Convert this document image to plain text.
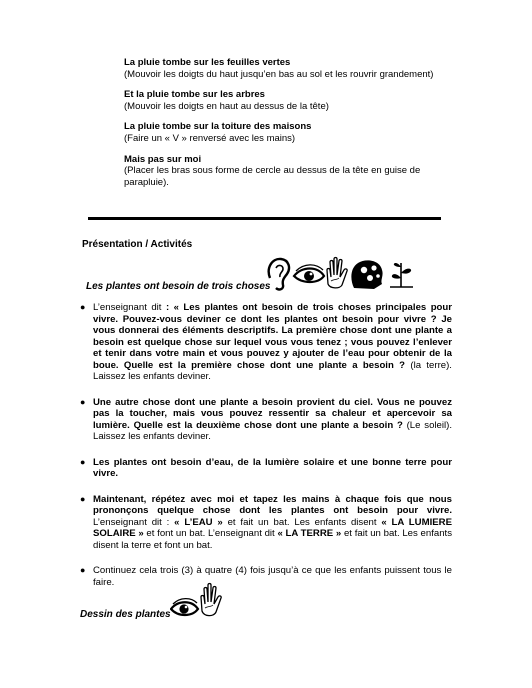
La pluie tombe sur les feuilles vertes
(Mouvoir les doigts du haut jusqu’en bas au sol et les rouvrir grandement)
Et la pluie tombe sur les arbres
(Mouvoir les doigts en haut au dessus de la tête)
La pluie tombe sur la toiture des maisons
(Faire un « V » renversé avec les mains)
Mais pas sur moi
(Placer les bras sous forme de cercle au dessus de la tête en guise de parapluie).
Présentation / Activités
Les plantes ont besoin de trois choses
● L’enseignant dit : « Les plantes ont besoin de trois choses principales pour vivre. Pouvez-vous deviner ce dont les plantes ont besoin pour vivre ? Je vous donnerai des éléments descriptifs. La première chose dont une plante a besoin est quelque chose sur lequel vous vous tenez ; vous pouvez l’enlever et tenir dans votre main et vous pouvez y ajouter de l’eau pour obtenir de la boue. Quelle est la première chose dont une plante a besoin ? (la terre). Laissez les enfants deviner.
● Une autre chose dont une plante a besoin provient du ciel. Vous ne pouvez pas la toucher, mais vous pouvez ressentir sa chaleur et apercevoir sa lumière. Quelle est la deuxième chose dont une plante a besoin ? (Le soleil). Laissez les enfants deviner.
● Les plantes ont besoin d’eau, de la lumière solaire et une bonne terre pour vivre.
● Maintenant, répétez avec moi et tapez les mains à chaque fois que nous prononçons quelque chose dont les plantes ont besoin pour vivre. L’enseignant dit : « L’EAU » et fait un bat. Les enfants disent « LA LUMIERE SOLAIRE » et font un bat. L’enseignant dit « LA TERRE » et fait un bat. Les enfants disent la terre et font un bat.
● Continuez cela trois (3) à quatre (4) fois jusqu’à ce que les enfants puissent tous le faire.
Dessin des plantes
